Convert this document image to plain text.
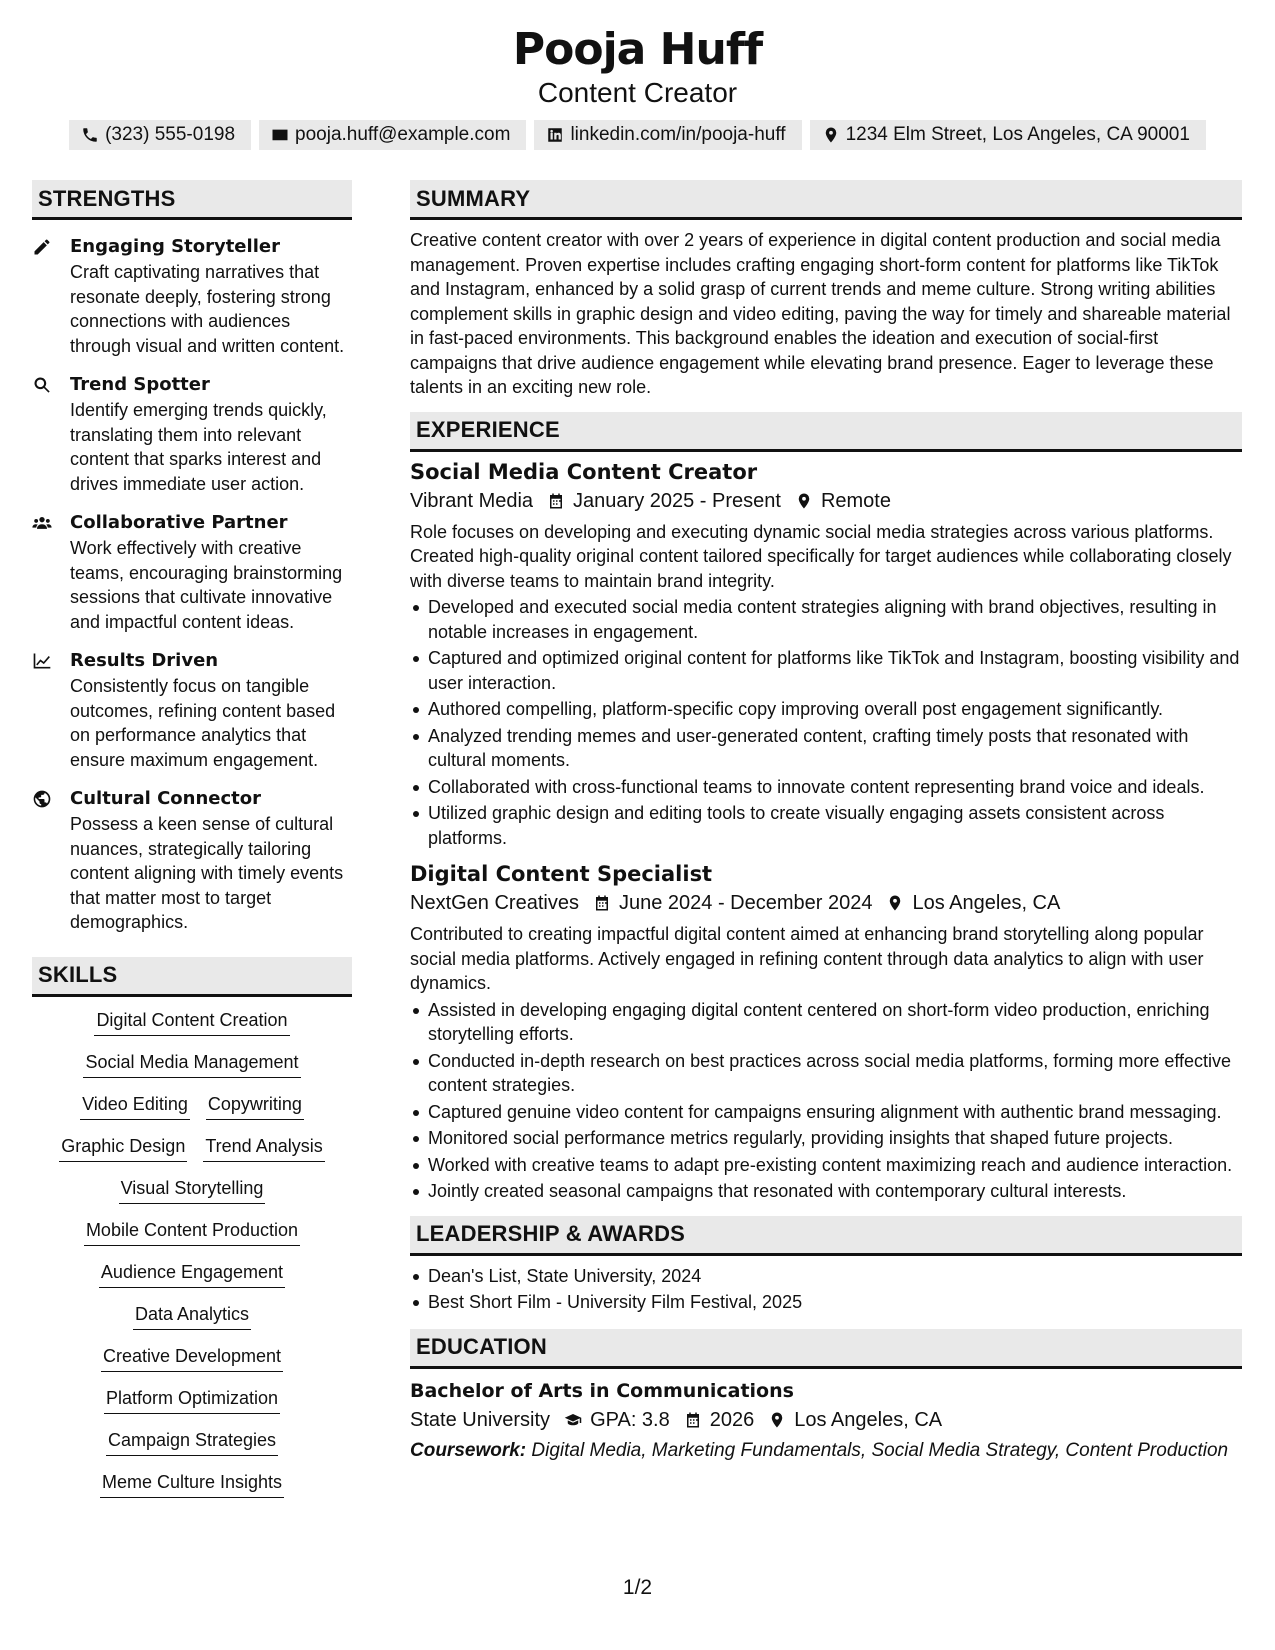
Pooja Huff
Content Creator
(323) 555-0198	pooja.huff@example.com	linkedin.com/in/pooja-huff	1234 Elm Street, Los Angeles, CA 90001
STRENGTHS
Engaging Storyteller
Craft captivating narratives that resonate deeply, fostering strong connections with audiences through visual and written content.
Trend Spotter
Identify emerging trends quickly, translating them into relevant content that sparks interest and drives immediate user action.
Collaborative Partner
Work effectively with creative teams, encouraging brainstorming sessions that cultivate innovative and impactful content ideas.
Results Driven
Consistently focus on tangible outcomes, refining content based on performance analytics that ensure maximum engagement.
Cultural Connector
Possess a keen sense of cultural nuances, strategically tailoring content aligning with timely events that matter most to target demographics.
SKILLS
Digital Content Creation
Social Media Management
Video Editing Copywriting
Graphic Design Trend Analysis
Visual Storytelling
Mobile Content Production
Audience Engagement
Data Analytics
Creative Development
Platform Optimization
Campaign Strategies
Meme Culture Insights
SUMMARY
Creative content creator with over 2 years of experience in digital content production and social media management. Proven expertise includes crafting engaging short-form content for platforms like TikTok and Instagram, enhanced by a solid grasp of current trends and meme culture. Strong writing abilities complement skills in graphic design and video editing, paving the way for timely and shareable material in fast-paced environments. This background enables the ideation and execution of social-first campaigns that drive audience engagement while elevating brand presence. Eager to leverage these talents in an exciting new role.
EXPERIENCE
Social Media Content Creator
Vibrant Media January 2025 - Present Remote
Role focuses on developing and executing dynamic social media strategies across various platforms. Created high-quality original content tailored specifically for target audiences while collaborating closely with diverse teams to maintain brand integrity.
Developed and executed social media content strategies aligning with brand objectives, resulting in notable increases in engagement.
Captured and optimized original content for platforms like TikTok and Instagram, boosting visibility and user interaction.
Authored compelling, platform-specific copy improving overall post engagement significantly.
Analyzed trending memes and user-generated content, crafting timely posts that resonated with cultural moments.
Collaborated with cross-functional teams to innovate content representing brand voice and ideals.
Utilized graphic design and editing tools to create visually engaging assets consistent across platforms.
Digital Content Specialist
NextGen Creatives June 2024 - December 2024 Los Angeles, CA
Contributed to creating impactful digital content aimed at enhancing brand storytelling along popular social media platforms. Actively engaged in refining content through data analytics to align with user dynamics.
Assisted in developing engaging digital content centered on short-form video production, enriching storytelling efforts.
Conducted in-depth research on best practices across social media platforms, forming more effective content strategies.
Captured genuine video content for campaigns ensuring alignment with authentic brand messaging.
Monitored social performance metrics regularly, providing insights that shaped future projects.
Worked with creative teams to adapt pre-existing content maximizing reach and audience interaction.
Jointly created seasonal campaigns that resonated with contemporary cultural interests.
LEADERSHIP & AWARDS
Dean's List, State University, 2024
Best Short Film - University Film Festival, 2025
EDUCATION
Bachelor of Arts in Communications
State University GPA: 3.8 2026 Los Angeles, CA
Coursework: Digital Media, Marketing Fundamentals, Social Media Strategy, Content Production
1/2
